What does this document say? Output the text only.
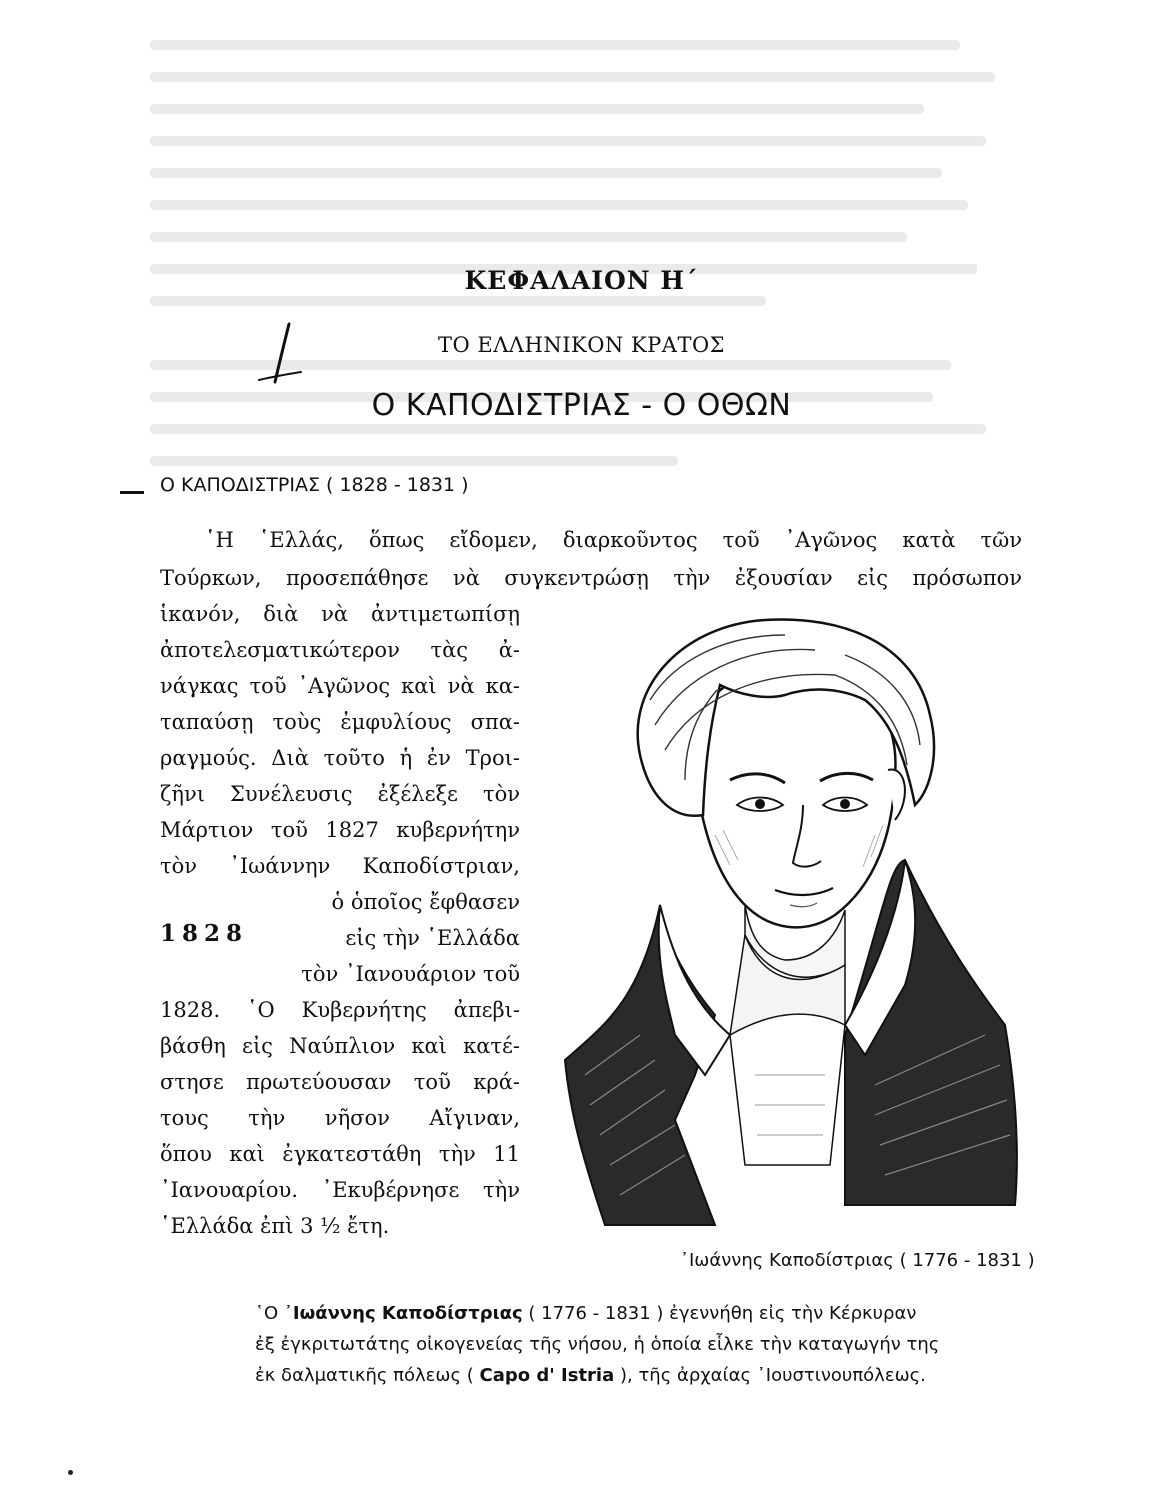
ΚΕΦΑΛΑΙΟΝ Η΄
ΤΟ ΕΛΛΗΝΙΚΟΝ ΚΡΑΤΟΣ
Ο ΚΑΠΟΔΙΣΤΡΙΑΣ - Ο ΟΘΩΝ
Ο ΚΑΠΟΔΙΣΤΡΙΑΣ ( 1828 - 1831 )
῾Η ῾Ελλάς, ὅπως εἴδομεν, διαρκοῦντος τοῦ ᾿Αγῶνος κατὰ τῶν
Τούρκων, προσεπάθησε νὰ συγκεντρώσῃ τὴν ἐξουσίαν εἰς πρόσωπον
ἱκανόν, διὰ νὰ ἀντιμετωπίσῃ
ἀποτελεσματικώτερον τὰς ἀ-
νάγκας τοῦ ᾿Αγῶνος καὶ νὰ κα-
ταπαύσῃ τοὺς ἐμφυλίους σπα-
ραγμούς. Διὰ τοῦτο ἡ ἐν Τροι-
ζῆνι Συνέλευσις ἐξέλεξε τὸν
Μάρτιον τοῦ 1827 κυβερνήτην
τὸν ᾿Ιωάννην Καποδίστριαν,
ὁ ὁποῖος ἔφθασεν
1828	εἰς τὴν ῾Ελλάδα
τὸν ᾿Ιανουάριον τοῦ
1828. ῾Ο Κυβερνήτης ἀπεβι-
βάσθη εἰς Ναύπλιον καὶ κατέ-
στησε πρωτεύουσαν τοῦ κρά-
τους τὴν νῆσον Αἴγιναν,
ὅπου καὶ ἐγκατεστάθη τὴν 11
᾿Ιανουαρίου. ᾿Εκυβέρνησε τὴν
῾Ελλάδα ἐπὶ 3 ½ ἔτη.
᾿Ιωάννης Καποδίστριας ( 1776 - 1831 )
῾Ο ᾿Ιωάννης Καποδίστριας ( 1776 - 1831 ) ἐγεννήθη εἰς τὴν Κέρκυραν
ἐξ ἐγκριτωτάτης οἰκογενείας τῆς νήσου, ἡ ὁποία εἷλκε τὴν καταγωγήν της
ἐκ δαλματικῆς πόλεως ( Capo d' Istria ), τῆς ἀρχαίας ᾿Ιουστινουπόλεως.
